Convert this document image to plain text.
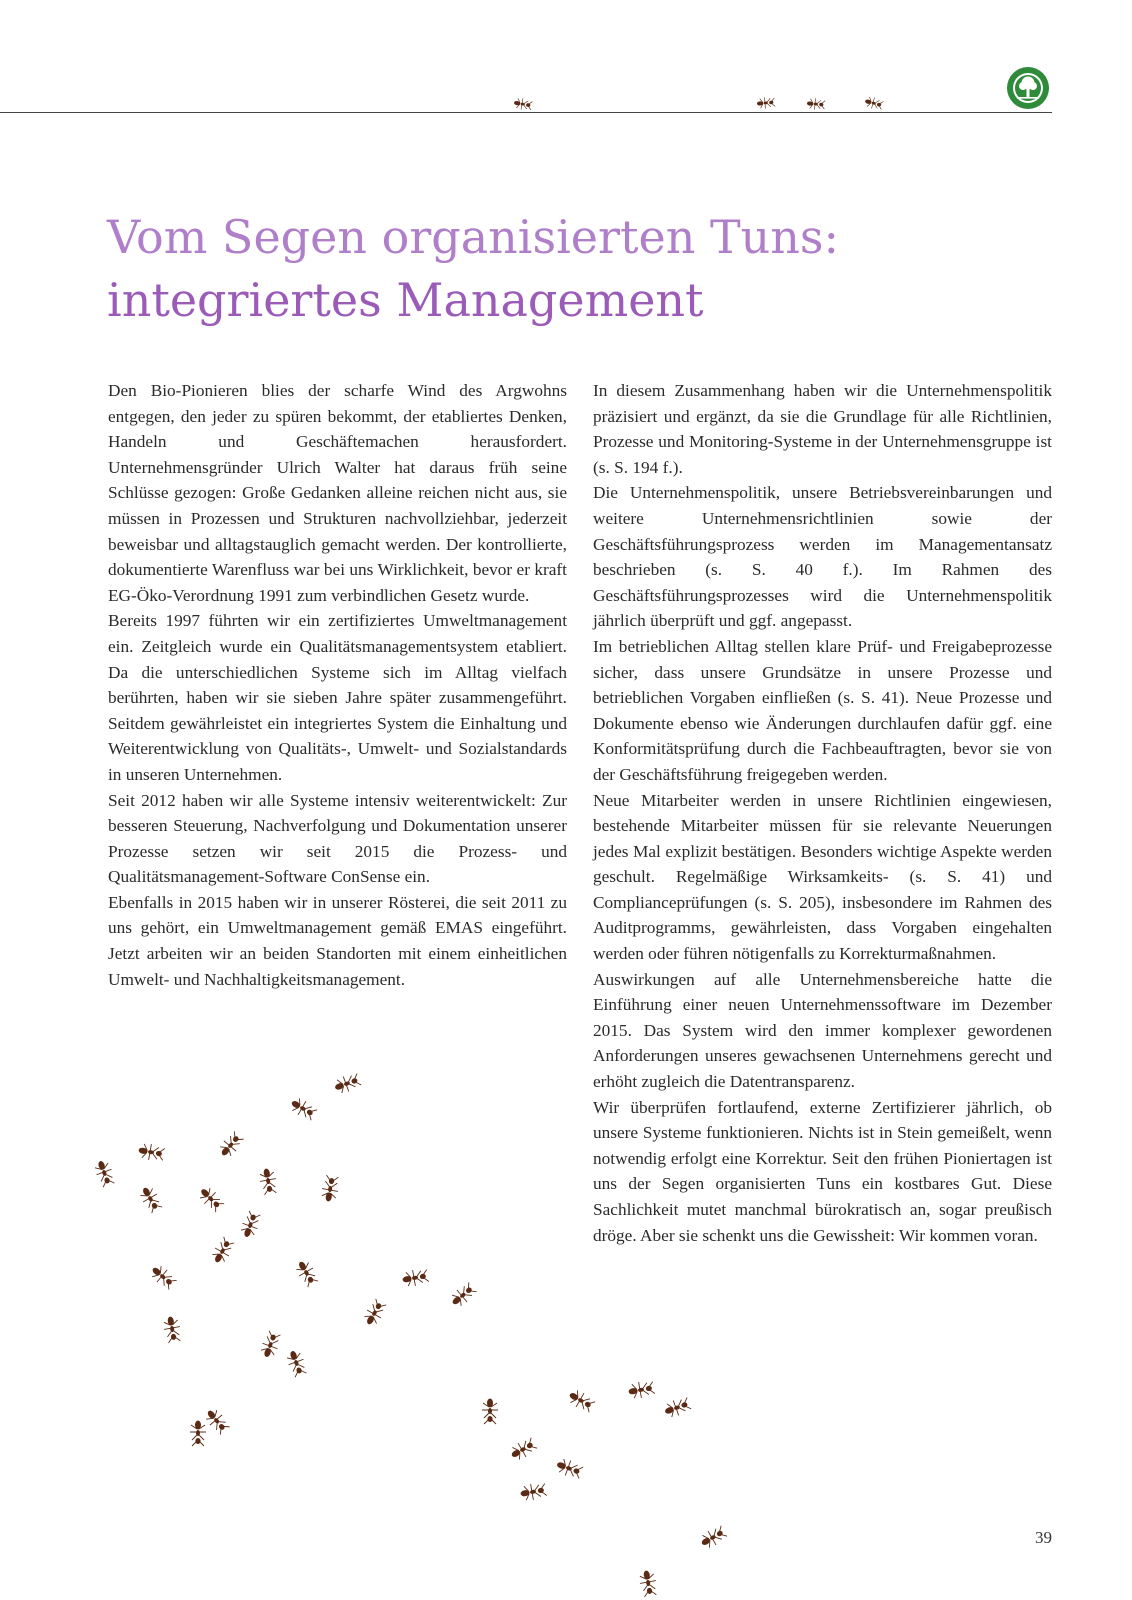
Vom Segen organisierten Tuns:
integriertes Management

Den Bio-Pionieren blies der scharfe Wind des Argwohns entgegen, den jeder zu spüren bekommt, der etabliertes Denken, Handeln und Geschäftemachen herausfordert. Unternehmensgründer Ulrich Walter hat daraus früh seine Schlüsse gezogen: Große Gedanken alleine reichen nicht aus, sie müssen in Prozessen und Strukturen nachvollziehbar, jederzeit beweisbar und alltagstauglich gemacht werden. Der kontrollierte, dokumentierte Warenfluss war bei uns Wirklichkeit, bevor er kraft EG-Öko-Verordnung 1991 zum verbindlichen Gesetz wurde.

Bereits 1997 führten wir ein zertifiziertes Umweltmanagement ein. Zeitgleich wurde ein Qualitätsmanagementsystem etabliert. Da die unterschiedlichen Systeme sich im Alltag vielfach berührten, haben wir sie sieben Jahre später zusammengeführt. Seitdem gewährleistet ein integriertes System die Einhaltung und Weiterentwicklung von Qualitäts-, Umwelt- und Sozialstandards in unseren Unternehmen.

Seit 2012 haben wir alle Systeme intensiv weiterentwickelt: Zur besseren Steuerung, Nachverfolgung und Dokumentation unserer Prozesse setzen wir seit 2015 die Prozess- und Qualitätsmanagement-Software ConSense ein.

Ebenfalls in 2015 haben wir in unserer Rösterei, die seit 2011 zu uns gehört, ein Umweltmanagement gemäß EMAS eingeführt. Jetzt arbeiten wir an beiden Standorten mit einem einheitlichen Umwelt- und Nachhaltigkeitsmanagement.

In diesem Zusammenhang haben wir die Unternehmenspolitik präzisiert und ergänzt, da sie die Grundlage für alle Richtlinien, Prozesse und Monitoring-Systeme in der Unternehmensgruppe ist (s. S. 194 f.).

Die Unternehmenspolitik, unsere Betriebsvereinbarungen und weitere Unternehmensrichtlinien sowie der Geschäftsführungsprozess werden im Managementansatz beschrieben (s. S. 40 f.). Im Rahmen des Geschäftsführungsprozesses wird die Unternehmenspolitik jährlich überprüft und ggf. angepasst.

Im betrieblichen Alltag stellen klare Prüf- und Freigabeprozesse sicher, dass unsere Grundsätze in unsere Prozesse und betrieblichen Vorgaben einfließen (s. S. 41). Neue Prozesse und Dokumente ebenso wie Änderungen durchlaufen dafür ggf. eine Konformitätsprüfung durch die Fachbeauftragten, bevor sie von der Geschäftsführung freigegeben werden.

Neue Mitarbeiter werden in unsere Richtlinien eingewiesen, bestehende Mitarbeiter müssen für sie relevante Neuerungen jedes Mal explizit bestätigen. Besonders wichtige Aspekte werden geschult. Regelmäßige Wirksamkeits- (s. S. 41) und Complianceprüfungen (s. S. 205), insbesondere im Rahmen des Auditprogramms, gewährleisten, dass Vorgaben eingehalten werden oder führen nötigenfalls zu Korrekturmaßnahmen.

Auswirkungen auf alle Unternehmensbereiche hatte die Einführung einer neuen Unternehmenssoftware im Dezember 2015. Das System wird den immer komplexer gewordenen Anforderungen unseres gewachsenen Unternehmens gerecht und erhöht zugleich die Datentransparenz.

Wir überprüfen fortlaufend, externe Zertifizierer jährlich, ob unsere Systeme funktionieren. Nichts ist in Stein gemeißelt, wenn notwendig erfolgt eine Korrektur. Seit den frühen Pioniertagen ist uns der Segen organisierten Tuns ein kostbares Gut. Diese Sachlichkeit mutet manchmal bürokratisch an, sogar preußisch dröge. Aber sie schenkt uns die Gewissheit: Wir kommen voran.

39
